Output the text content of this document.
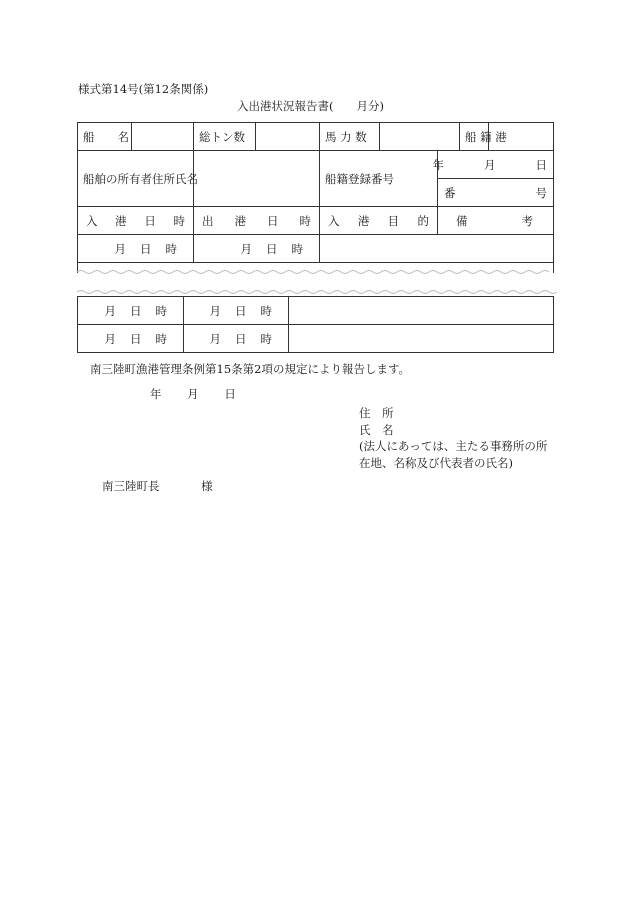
様式第14号(第12条関係)
入出港状況報告書(　　月分)
船　　名		総トン数		馬 力 数			船 籍 港	
船舶の所有者住所氏名				船籍登録番号		年 月 日		

						番 号		

入 港 日 時		出 港 日 時		入 港 目 的		備 考		

月 日 時		月 日 時						

月 日 時	月 日 時	

月 日 時	月 日 時	

南三陸町漁港管理条例第15条第2項の規定により報告します。
年 月 日
住　所
氏　名
(法人にあっては、主たる事務所の所
在地、名称及び代表者の氏名)
南三陸町長	様
